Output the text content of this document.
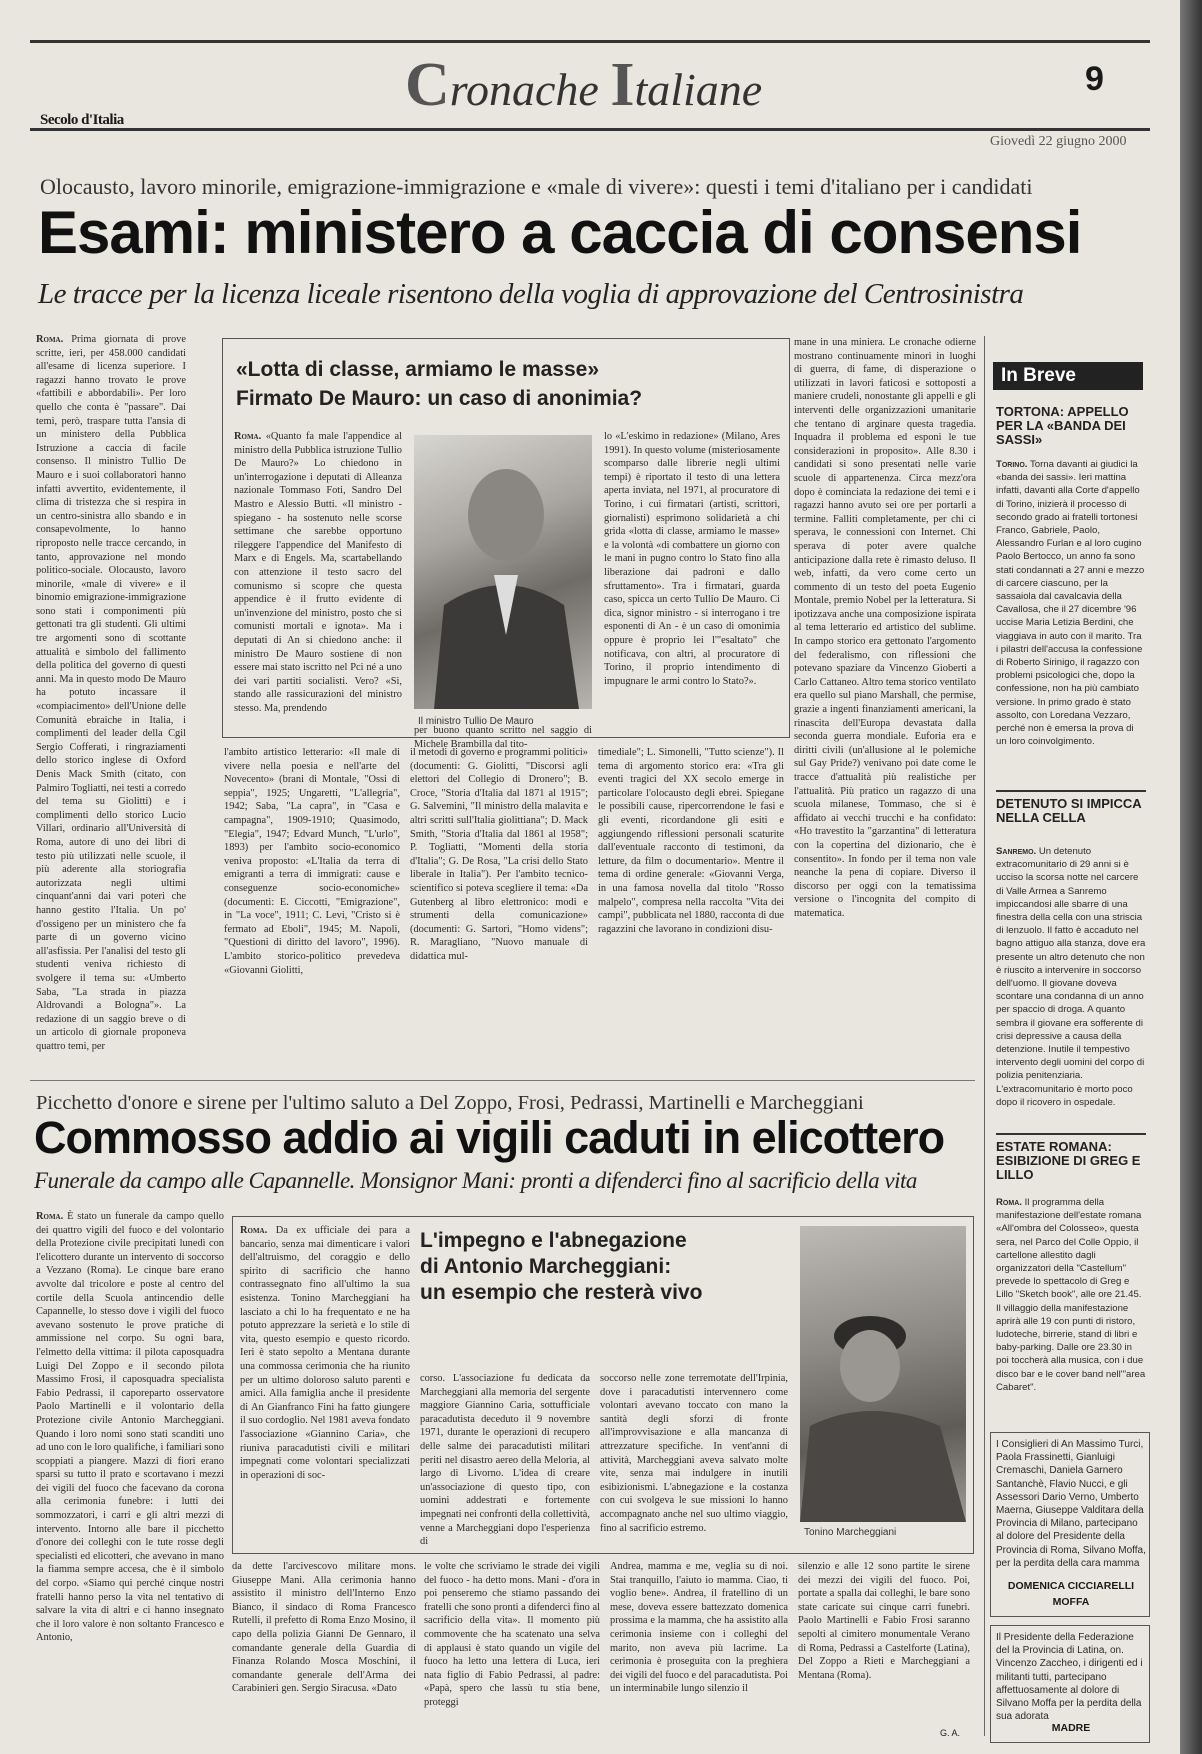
Cronache Italiane
Secolo d'Italia
9
Giovedì 22 giugno 2000
Olocausto, lavoro minorile, emigrazione-immigrazione e «male di vivere»: questi i temi d'italiano per i candidati
Esami: ministero a caccia di consensi
Le tracce per la licenza liceale risentono della voglia di approvazione del Centrosinistra

Roma. Prima giornata di prove scritte, ieri, per 458.000 candidati all'esame di licenza superiore. I ragazzi hanno trovato le prove «fattibili e abbordabili». Per loro quello che conta è "passare". Dai temi, però, traspare tutta l'ansia di un ministero della Pubblica Istruzione a caccia di facile consenso. Il ministro Tullio De Mauro e i suoi collaboratori hanno infatti avvertito, evidentemente, il clima di tristezza che si respira in un centro-sinistra allo sbando e in consapevolmente, lo hanno riproposto nelle tracce cercando, in tanto, approvazione nel mondo politico-sociale. Olocausto, lavoro minorile, «male di vivere» e il binomio emigrazione-immigrazione sono stati i componimenti più gettonati tra gli studenti. Gli ultimi tre argomenti sono di scottante attualità e simbolo del fallimento della politica del governo di questi anni. Ma in questo modo De Mauro ha potuto incassare il «compiacimento» dell'Unione delle Comunità ebraiche in Italia, i complimenti del leader della Cgil Sergio Cofferati, i ringraziamenti dello storico inglese di Oxford Denis Mack Smith (citato, con Palmiro Togliatti, nei testi a corredo del tema su Giolitti) e i complimenti dello storico Lucio Villari, ordinario all'Università di Roma, autore di uno dei libri di testo più utilizzati nelle scuole, il più aderente alla storiografia autorizzata negli ultimi cinquant'anni dai vari poteri che hanno gestito l'Italia. Un po' d'ossigeno per un ministero che fa parte di un governo vicino all'asfissia. Per l'analisi del testo gli studenti veniva richiesto di svolgere il tema su: «Umberto Saba, "La strada in piazza Aldrovandi a Bologna"». La redazione di un saggio breve o di un articolo di giornale proponeva quattro temi, per

«Lotta di classe, armiamo le masse»
Firmato De Mauro: un caso di anonimia?

Roma. «Quanto fa male l'appendice al ministro della Pubblica istruzione Tullio De Mauro?» Lo chiedono in un'interrogazione i deputati di Alleanza nazionale Tommaso Foti, Sandro Del Mastro e Alessio Butti. «Il ministro - spiegano - ha sostenuto nelle scorse settimane che sarebbe opportuno rileggere l'appendice del Manifesto di Marx e di Engels. Ma, scartabellando con attenzione il testo sacro del comunismo si scopre che questa appendice è il frutto evidente di un'invenzione del ministro, posto che si comunisti mortali e ignota». Ma i deputati di An si chiedono anche: il ministro De Mauro sostiene di non essere mai stato iscritto nel Pci né a uno dei vari partiti socialisti. Vero? «Si, stando alle rassicurazioni del ministro stesso. Ma, prendendo

Il ministro Tullio De Mauro
per buono quanto scritto nel saggio di Michele Brambilla dal tito-
lo «L'eskimo in redazione» (Milano, Ares 1991). In questo volume (misteriosamente scomparso dalle librerie negli ultimi tempi) è riportato il testo di una lettera aperta inviata, nel 1971, al procuratore di Torino, i cui firmatari (artisti, scrittori, giornalisti) esprimono solidarietà a chi grida «lotta di classe, armiamo le masse» e la volontà «di combattere un giorno con le mani in pugno contro lo Stato fino alla liberazione dai padroni e dallo sfruttamento». Tra i firmatari, guarda caso, spicca un certo Tullio De Mauro. Ci dica, signor ministro - si interrogano i tre esponenti di An - è un caso di omonimia oppure è proprio lei l'"esaltato" che notificava, con altri, al procuratore di Torino, il proprio intendimento di impugnare le armi contro lo Stato?».
l'ambito artistico letterario: «Il male di vivere nella poesia e nell'arte del Novecento» (brani di Montale, "Ossi di seppia", 1925; Ungaretti, "L'allegria", 1942; Saba, "La capra", in "Casa e campagna", 1909-1910; Quasimodo, "Elegia", 1947; Edvard Munch, "L'urlo", 1893) per l'ambito socio-economico veniva proposto: «L'Italia da terra di emigranti a terra di immigrati: cause e conseguenze socio-economiche» (documenti: E. Ciccotti, "Emigrazione", in "La voce", 1911; C. Levi, "Cristo si è fermato ad Eboli", 1945; M. Napoli, "Questioni di diritto del lavoro", 1996). L'ambito storico-politico prevedeva «Giovanni Giolitti,
il metodi di governo e programmi politici» (documenti: G. Giolitti, "Discorsi agli elettori del Collegio di Dronero"; B. Croce, "Storia d'Italia dal 1871 al 1915"; G. Salvemini, "Il ministro della malavita e altri scritti sull'Italia giolittiana"; D. Mack Smith, "Storia d'Italia dal 1861 al 1958"; P. Togliatti, "Momenti della storia d'Italia"; G. De Rosa, "La crisi dello Stato liberale in Italia"). Per l'ambito tecnico-scientifico si poteva scegliere il tema: «Da Gutenberg al libro elettronico: modi e strumenti della comunicazione» (documenti: G. Sartori, "Homo videns"; R. Maragliano, "Nuovo manuale di didattica mul-
timediale"; L. Simonelli, "Tutto scienze"). Il tema di argomento storico era: «Tra gli eventi tragici del XX secolo emerge in particolare l'olocausto degli ebrei. Spiegane le possibili cause, ripercorrendone le fasi e gli eventi, ricordandone gli esiti e aggiungendo riflessioni personali scaturite dall'eventuale racconto di testimoni, da letture, da film o documentario». Mentre il tema di ordine generale: «Giovanni Verga, in una famosa novella dal titolo "Rosso malpelo", compresa nella raccolta "Vita dei campi", pubblicata nel 1880, racconta di due ragazzini che lavorano in condizioni disu-
mane in una miniera. Le cronache odierne mostrano continuamente minori in luoghi di guerra, di fame, di disperazione o utilizzati in lavori faticosi e sottoposti a maniere crudeli, nonostante gli appelli e gli interventi delle organizzazioni umanitarie che tentano di arginare questa tragedia. Inquadra il problema ed esponi le tue considerazioni in proposito». Alle 8.30 i candidati si sono presentati nelle varie scuole di appartenenza. Circa mezz'ora dopo è cominciata la redazione dei temi e i ragazzi hanno avuto sei ore per portarli a termine. Falliti completamente, per chi ci sperava, le connessioni con Internet. Chi sperava di poter avere qualche anticipazione dalla rete è rimasto deluso. Il web, infatti, da vero come certo un commento di un testo del poeta Eugenio Montale, premio Nobel per la letteratura. Si ipotizzava anche una composizione ispirata al tema letterario ed artistico del sublime. In campo storico era gettonato l'argomento del federalismo, con riflessioni che potevano spaziare da Vincenzo Gioberti a Carlo Cattaneo. Altro tema storico ventilato era quello sul piano Marshall, che permise, grazie a ingenti finanziamenti americani, la rinascita dell'Europa devastata dalla seconda guerra mondiale. Euforia era e diritti civili (un'allusione al le polemiche sul Gay Pride?) venivano poi date come le tracce d'attualità più realistiche per l'attualità. Più pratico un ragazzo di una scuola milanese, Tommaso, che si è affidato ai vecchi trucchi e ha confidato: «Ho travestito la "garzantina" di letteratura con la copertina del dizionario, che è consentito». In fondo per il tema non vale neanche la pena di copiare. Diverso il discorso per oggi con la tematissima versione o l'incognita del compito di matematica.
In Breve
TORTONA: APPELLO PER LA «BANDA DEI SASSI»
Torino. Torna davanti ai giudici la «banda dei sassi». Ieri mattina infatti, davanti alla Corte d'appello di Torino, inizierà il processo di secondo grado ai fratelli tortonesi Franco, Gabriele, Paolo, Alessandro Furlan e al loro cugino Paolo Bertocco, un anno fa sono stati condannati a 27 anni e mezzo di carcere ciascuno, per la sassaiola dal cavalcavia della Cavallosa, che il 27 dicembre '96 uccise Maria Letizia Berdini, che viaggiava in auto con il marito. Tra i pilastri dell'accusa la confessione di Roberto Sirinigo, il ragazzo con problemi psicologici che, dopo la confessione, non ha più cambiato versione. In primo grado è stato assolto, con Loredana Vezzaro, perché non è emersa la prova di un loro coinvolgimento.
DETENUTO SI IMPICCA NELLA CELLA
Sanremo. Un detenuto extracomunitario di 29 anni si è ucciso la scorsa notte nel carcere di Valle Armea a Sanremo impiccandosi alle sbarre di una finestra della cella con una striscia di lenzuolo. Il fatto è accaduto nel bagno attiguo alla stanza, dove era presente un altro detenuto che non è riuscito a intervenire in soccorso dell'uomo. Il giovane doveva scontare una condanna di un anno per spaccio di droga. A quanto sembra il giovane era sofferente di crisi depressive a causa della detenzione. Inutile il tempestivo intervento degli uomini del corpo di polizia penitenziaria. L'extracomunitario è morto poco dopo il ricovero in ospedale.
ESTATE ROMANA: ESIBIZIONE DI GREG E LILLO
Roma. Il programma della manifestazione dell'estate romana «All'ombra del Colosseo», questa sera, nel Parco del Colle Oppio, il cartellone allestito dagli organizzatori della "Castellum" prevede lo spettacolo di Greg e Lillo "Sketch book", alle ore 21.45. Il villaggio della manifestazione aprirà alle 19 con punti di ristoro, ludoteche, birrerie, stand di libri e baby-parking. Dalle ore 23.30 in poi toccherà alla musica, con i due disco bar e le cover band nell'"area Cabaret".
I Consiglieri di An Massimo Turci, Paola Frassinetti, Gianluigi Cremaschi, Daniela Garnero Santanchè, Flavio Nucci, e gli Assessori Dario Verno, Umberto Maerna, Giuseppe Valditara della Provincia di Milano, partecipano al dolore del Presidente della Provincia di Roma, Silvano Moffa, per la perdita della cara mamma
DOMENICA CICCIARELLI
MOFFA
Il Presidente della Federazione del la Provincia di Latina, on. Vincenzo Zaccheo, i dirigenti ed i militanti tutti, partecipano affettuosamente al dolore di Silvano Moffa per la perdita della sua adorata
MADRE
Picchetto d'onore e sirene per l'ultimo saluto a Del Zoppo, Frosi, Pedrassi, Martinelli e Marcheggiani
Commosso addio ai vigili caduti in elicottero
Funerale da campo alle Capannelle. Monsignor Mani: pronti a difenderci fino al sacrificio della vita

Roma. È stato un funerale da campo quello dei quattro vigili del fuoco e del volontario della Protezione civile precipitati lunedì con l'elicottero durante un intervento di soccorso a Vezzano (Roma). Le cinque bare erano avvolte dal tricolore e poste al centro del cortile della Scuola antincendio delle Capannelle, lo stesso dove i vigili del fuoco avevano sostenuto le prove pratiche di ammissione nel corpo. Su ogni bara, l'elmetto della vittima: il pilota caposquadra Luigi Del Zoppo e il secondo pilota Massimo Frosi, il caposquadra specialista Fabio Pedrassi, il caporeparto osservatore Paolo Martinelli e il volontario della Protezione civile Antonio Marcheggiani. Quando i loro nomi sono stati scanditi uno ad uno con le loro qualifiche, i familiari sono scoppiati a piangere. Mazzi di fiori erano sparsi su tutto il prato e scortavano i mezzi dei vigili del fuoco che facevano da corona alla cerimonia funebre: i lutti dei sommozzatori, i carri e gli altri mezzi di intervento. Intorno alle bare il picchetto d'onore dei colleghi con le tute rosse degli specialisti ed elicotteri, che avevano in mano la fiamma sempre accesa, che è il simbolo del corpo. «Siamo qui perché cinque nostri fratelli hanno perso la vita nel tentativo di salvare la vita di altri e ci hanno insegnato che il loro valore è non soltanto Francesco e Antonio,

Roma. Da ex ufficiale dei para a bancario, senza mai dimenticare i valori dell'altruismo, del coraggio e dello spirito di sacrificio che hanno contrassegnato fino all'ultimo la sua esistenza. Tonino Marcheggiani ha lasciato a chi lo ha frequentato e ne ha potuto apprezzare la serietà e lo stile di vita, questo esempio e questo ricordo. Ieri è stato sepolto a Mentana durante una commossa cerimonia che ha riunito per un ultimo doloroso saluto parenti e amici. Alla famiglia anche il presidente di An Gianfranco Fini ha fatto giungere il suo cordoglio. Nel 1981 aveva fondato l'associazione «Giannino Caria», che riuniva paracadutisti civili e militari impegnati come volontari specializzati in operazioni di soc-

L'impegno e l'abnegazione
di Antonio Marcheggiani:
un esempio che resterà vivo
corso. L'associazione fu dedicata da Marcheggiani alla memoria del sergente maggiore Giannino Caria, sottufficiale paracadutista deceduto il 9 novembre 1971, durante le operazioni di recupero delle salme dei paracadutisti militari periti nel disastro aereo della Meloria, al largo di Livorno. L'idea di creare un'associazione di questo tipo, con uomini addestrati e fortemente impegnati nei confronti della collettività, venne a Marcheggiani dopo l'esperienza di
soccorso nelle zone terremotate dell'Irpinia, dove i paracadutisti intervennero come volontari avevano toccato con mano la santità degli sforzi di fronte all'improvvisazione e alla mancanza di attrezzature specifiche. In vent'anni di attività, Marcheggiani aveva salvato molte vite, senza mai indulgere in inutili esibizionismi. L'abnegazione e la costanza con cui svolgeva le sue missioni lo hanno accompagnato anche nel suo ultimo viaggio, fino al sacrificio estremo.	Tonino Marcheggiani
da dette l'arcivescovo militare mons. Giuseppe Mani. Alla cerimonia hanno assistito il ministro dell'Interno Enzo Bianco, il sindaco di Roma Francesco Rutelli, il prefetto di Roma Enzo Mosino, il capo della polizia Gianni De Gennaro, il comandante generale della Guardia di Finanza Rolando Mosca Moschini, il comandante generale dell'Arma dei Carabinieri gen. Sergio Siracusa. «Dato
le volte che scriviamo le strade dei vigili del fuoco - ha detto mons. Mani - d'ora in poi penseremo che stiamo passando dei fratelli che sono pronti a difenderci fino al sacrificio della vita». Il momento più commovente che ha scatenato una selva di applausi è stato quando un vigile del fuoco ha letto una lettera di Luca, ieri nata figlio di Fabio Pedrassi, al padre: «Papà, spero che lassù tu stia bene, proteggi
Andrea, mamma e me, veglia su di noi. Stai tranquillo, l'aiuto io mamma. Ciao, ti voglio bene». Andrea, il fratellino di un mese, doveva essere battezzato domenica prossima e la mamma, che ha assistito alla cerimonia insieme con i colleghi del marito, non aveva più lacrime. La cerimonia è proseguita con la preghiera dei vigili del fuoco e del paracadutista. Poi un interminabile lungo silenzio il
silenzio e alle 12 sono partite le sirene dei mezzi dei vigili del fuoco. Poi, portate a spalla dai colleghi, le bare sono state caricate sui cinque carri funebri. Paolo Martinelli e Fabio Frosi saranno sepolti al cimitero monumentale Verano di Roma, Pedrassi a Castelforte (Latina), Del Zoppo a Rieti e Marcheggiani a Mentana (Roma).
G. A.
